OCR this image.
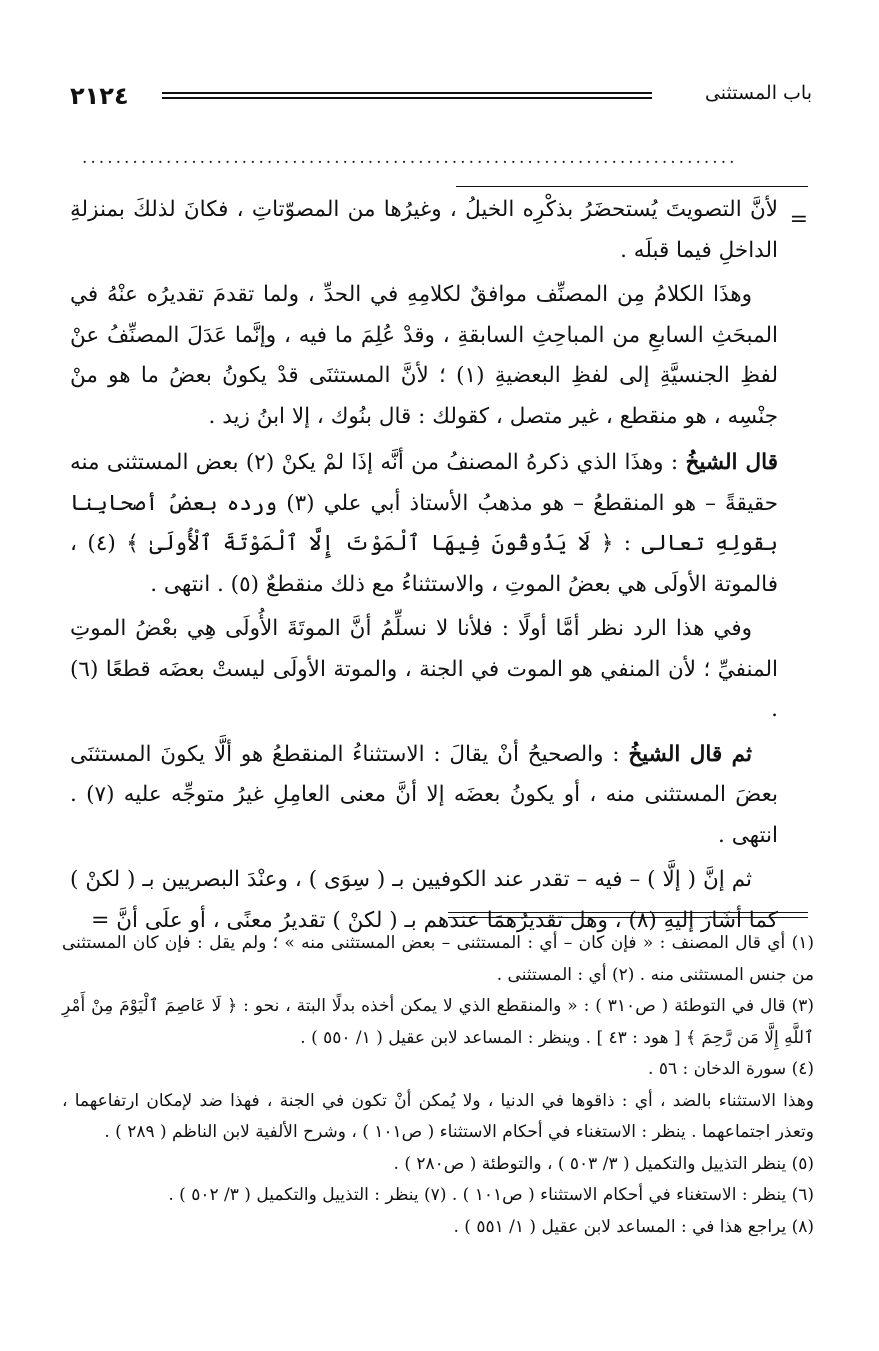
٢١٢٤	باب المستثنى
..............................................................................
=

لأنَّ التصويتَ يُستحضَرُ بذكْرِه الخيلُ ، وغيرُها من المصوّتاتِ ، فكانَ لذلكَ بمنزلةِ الداخلِ فيما قبلَه .

وهذَا الكلامُ مِن المصنِّف موافقٌ لكلامِهِ في الحدِّ ، ولما تقدمَ تقديرُه عنْهُ في المبحَثِ السابعِ من المباحِثِ السابقةِ ، وقدْ عُلِمَ ما فيه ، وإنَّما عَدَلَ المصنِّفُ عنْ لفظِ الجنسيَّةِ إلى لفظِ البعضيةِ (١) ؛ لأنَّ المستثنَى قدْ يكونُ بعضُ ما هو منْ جنْسِه ، هو منقطع ، غير متصل ، كقولك : قال بنُوك ، إلا ابنُ زيد .

قال الشيخُ : وهذَا الذي ذكرهُ المصنفُ من أنَّه إذَا لمْ يكنْ (٢) بعض المستثنى منه حقيقةً – هو المنقطعُ – هو مذهبُ الأستاذ أبي علي (٣) ورده بعضُ أصحابِنا بقولِهِ تعالى : ﴿ لَا يَذُوقُونَ فِيهَا ٱلْمَوْتَ إِلَّا ٱلْمَوْتَةَ ٱلْأُولَىٰ ﴾ (٤) ، فالموتة الأولَى هي بعضُ الموتِ ، والاستثناءُ مع ذلك منقطعٌ (٥) . انتهى .

وفي هذا الرد نظر أمَّا أولًا : فلأنا لا نسلِّمُ أنَّ الموتَةَ الأُولَى هِي بعْضُ الموتِ المنفيِّ ؛ لأن المنفي هو الموت في الجنة ، والموتة الأولَى ليستْ بعضَه قطعًا (٦) .

ثم قال الشيخُ : والصحيحُ أنْ يقالَ : الاستثناءُ المنقطعُ هو ألَّا يكونَ المستثنَى بعضَ المستثنى منه ، أو يكونُ بعضَه إلا أنَّ معنى العامِلِ غيرُ متوجِّه عليه (٧) . انتهى .

ثم إنَّ ( إلَّا ) – فيه – تقدر عند الكوفيين بـ ( سِوَى ) ، وعنْدَ البصريين بـ ( لكنْ ) كما أشَارَ إليهِ (٨) ، وهل تقديرُهمَا عندهم بـ ( لكنْ ) تقديرُ معنًى ، أو علَى أنَّ =

(١) أي قال المصنف : « فإن كان – أي : المستثنى – بعض المستثنى منه » ؛ ولم يقل : فإن كان المستثنى من جنس المستثنى منه . (٢) أي : المستثنى .

(٣) قال في التوطئة ( ص٣١٠ ) : « والمنقطع الذي لا يمكن أخذه بدلًا البتة ، نحو : ﴿ لَا عَاصِمَ ٱلْيَوْمَ مِنْ أَمْرِ ٱللَّهِ إِلَّا مَن رَّحِمَ ﴾ [ هود : ٤٣ ] . وينظر : المساعد لابن عقيل ( ١/ ٥٥٠ ) .

(٤) سورة الدخان : ٥٦ .

وهذا الاستثناء بالضد ، أي : ذاقوها في الدنيا ، ولا يُمكن أنْ تكون في الجنة ، فهذا ضد لإمكان ارتفاعهما ، وتعذر اجتماعهما . ينظر : الاستغناء في أحكام الاستثناء ( ص١٠١ ) ، وشرح الألفية لابن الناظم ( ٢٨٩ ) .

(٥) ينظر التذييل والتكميل ( ٣/ ٥٠٣ ) ، والتوطئة ( ص٢٨٠ ) .

(٦) ينظر : الاستغناء في أحكام الاستثناء ( ص١٠١ ) . (٧) ينظر : التذييل والتكميل ( ٣/ ٥٠٢ ) .

(٨) يراجع هذا في : المساعد لابن عقيل ( ١/ ٥٥١ ) .
